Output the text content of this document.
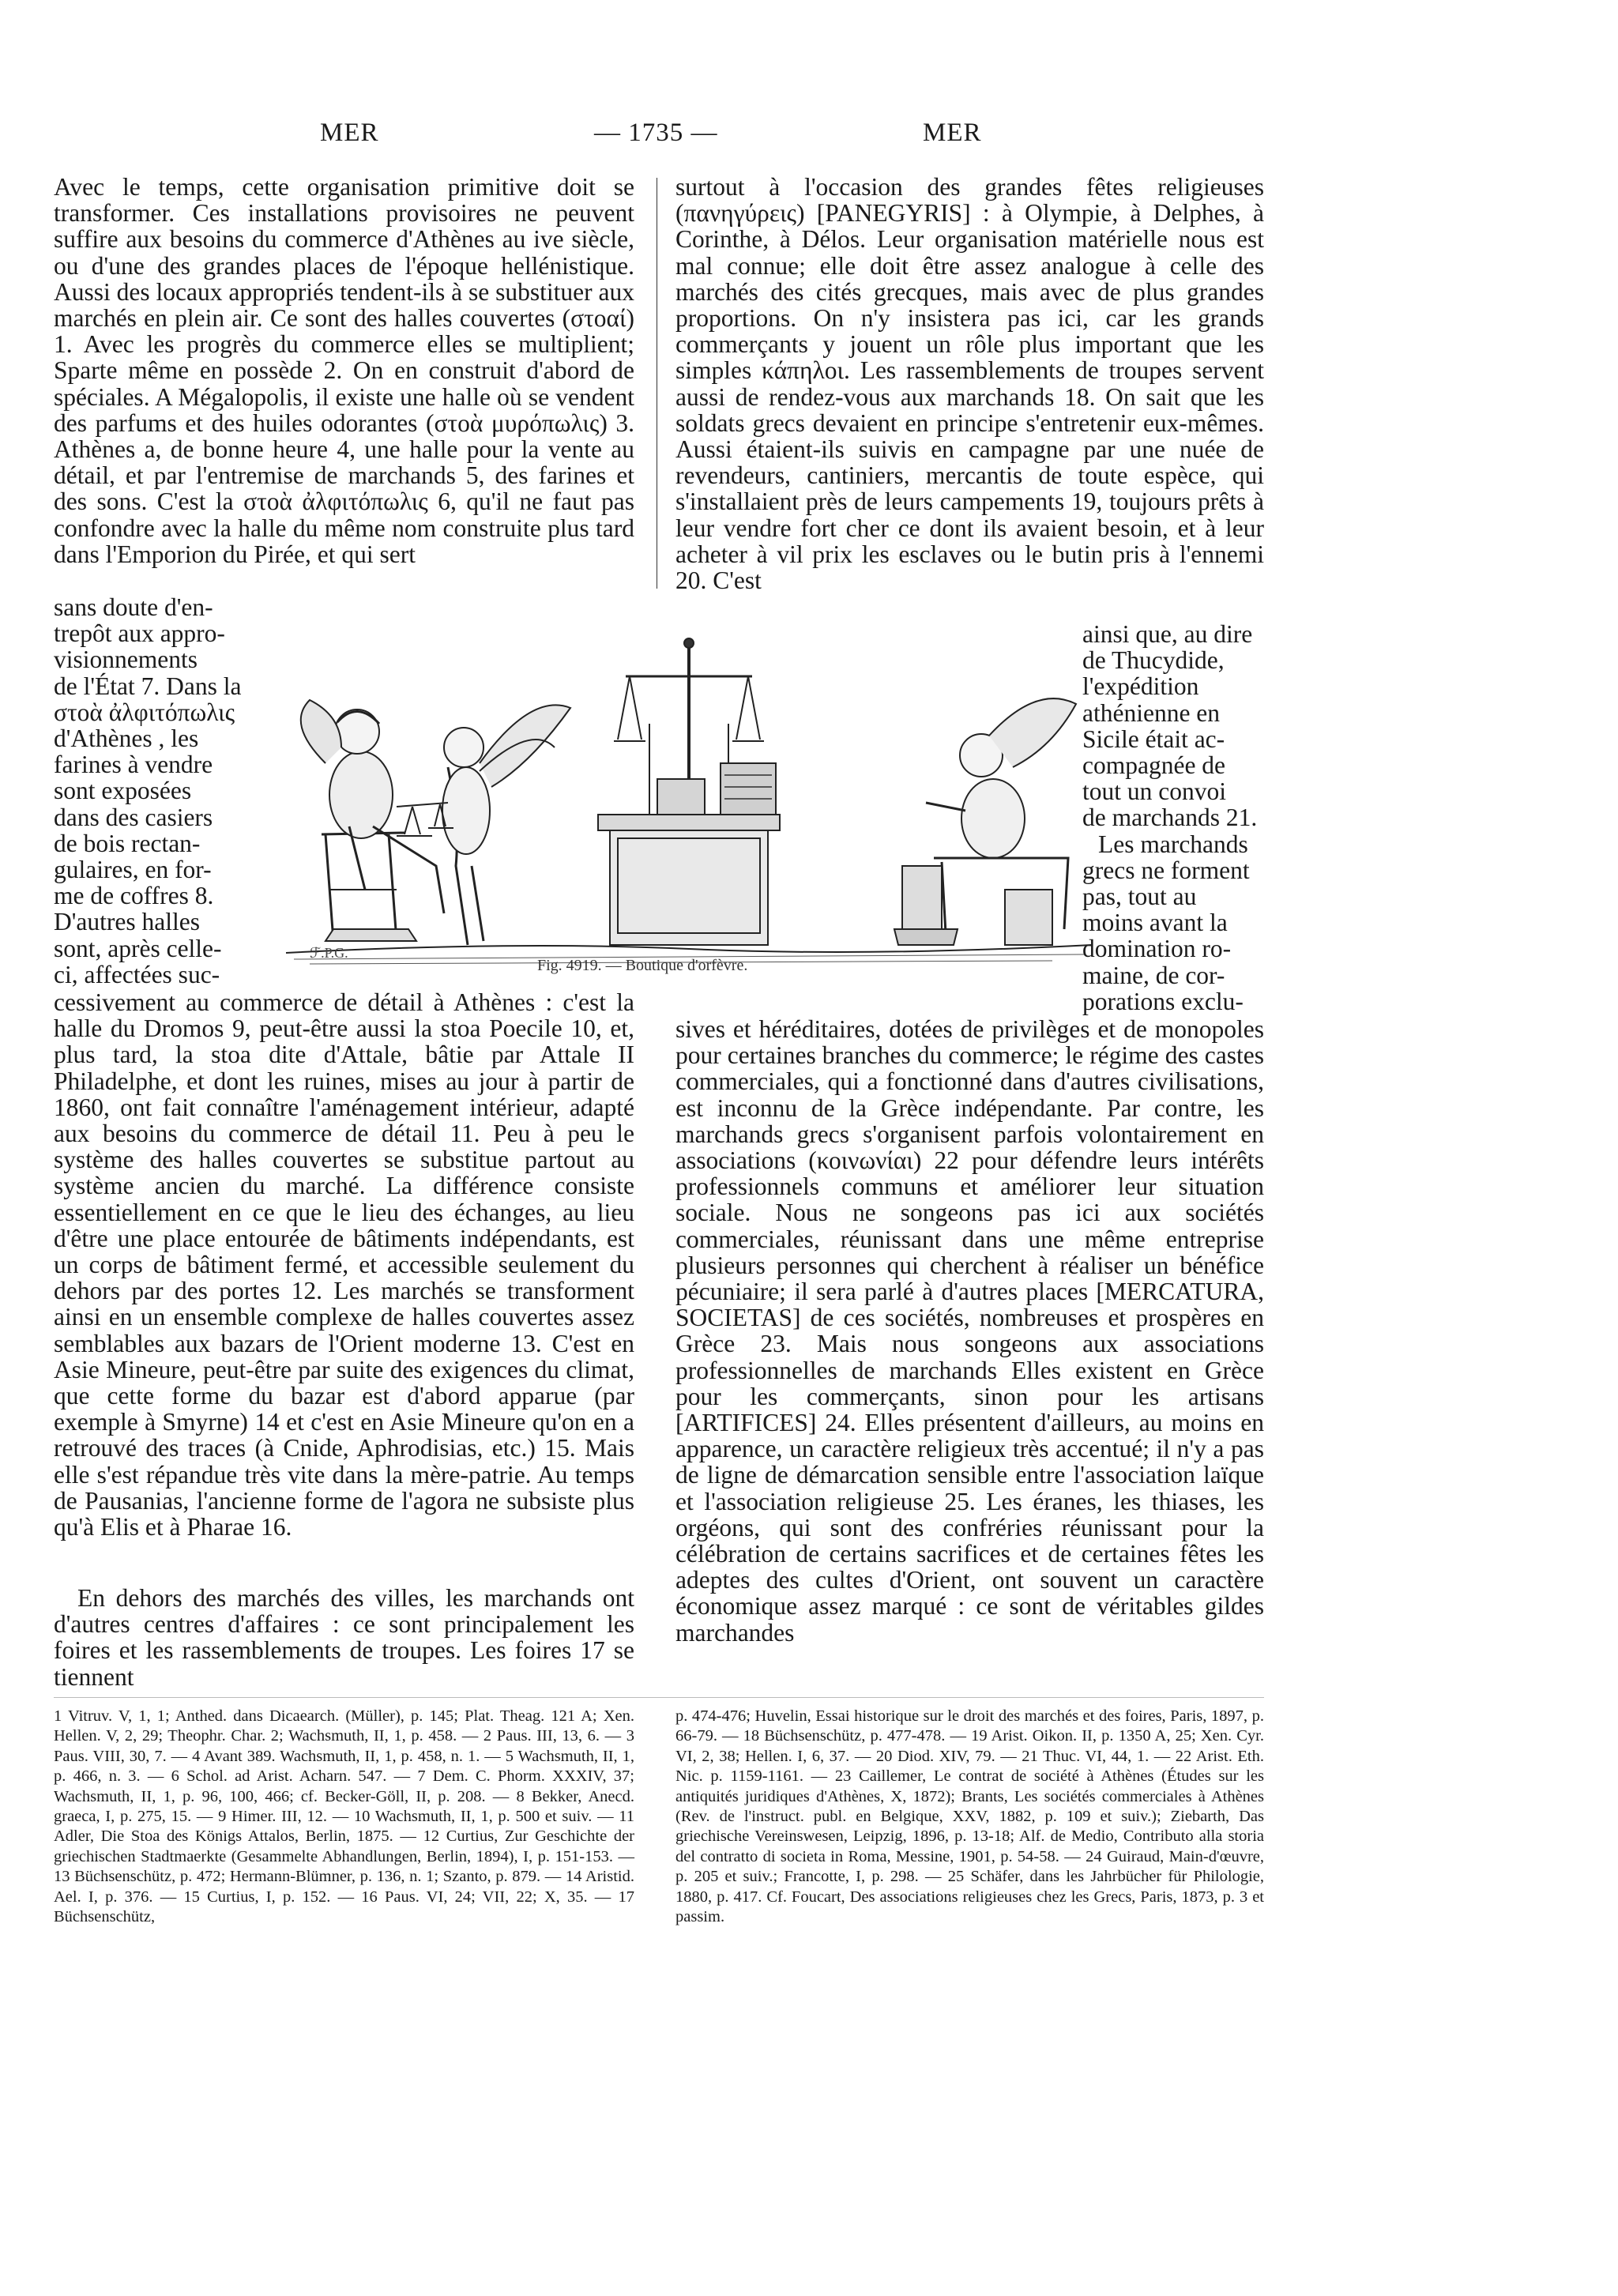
MER	— 1735 —	MER

Avec le temps, cette organisation primitive doit se transformer. Ces installations provisoires ne peuvent suffire aux besoins du commerce d'Athènes au ive siècle, ou d'une des grandes places de l'époque hellénistique. Aussi des locaux appropriés tendent-ils à se substituer aux marchés en plein air. Ce sont des halles couvertes (στοαί) 1. Avec les progrès du commerce elles se multiplient; Sparte même en possède 2. On en construit d'abord de spéciales. A Mégalopolis, il existe une halle où se vendent des parfums et des huiles odorantes (στοὰ μυρόπωλις) 3. Athènes a, de bonne heure 4, une halle pour la vente au détail, et par l'entremise de marchands 5, des farines et des sons. C'est la στοὰ ἀλφιτόπωλις 6, qu'il ne faut pas confondre avec la halle du même nom construite plus tard dans l'Emporion du Pirée, et qui sert

sans doute d'en-
trepôt aux appro-
visionnements
de l'État 7. Dans la
στοὰ ἀλφιτόπωλις
d'Athènes , les
farines à vendre
sont exposées
dans des casiers
de bois rectan-
gulaires, en for-
me de coffres 8.
D'autres halles
sont, après celle-
ci, affectées suc-

cessivement au commerce de détail à Athènes : c'est la halle du Dromos 9, peut-être aussi la stoa Poecile 10, et, plus tard, la stoa dite d'Attale, bâtie par Attale II Philadelphe, et dont les ruines, mises au jour à partir de 1860, ont fait connaître l'aménagement intérieur, adapté aux besoins du commerce de détail 11. Peu à peu le système des halles couvertes se substitue partout au système ancien du marché. La différence consiste essentiellement en ce que le lieu des échanges, au lieu d'être une place entourée de bâtiments indépendants, est un corps de bâtiment fermé, et accessible seulement du dehors par des portes 12. Les marchés se transforment ainsi en un ensemble complexe de halles couvertes assez semblables aux bazars de l'Orient moderne 13. C'est en Asie Mineure, peut-être par suite des exigences du climat, que cette forme du bazar est d'abord apparue (par exemple à Smyrne) 14 et c'est en Asie Mineure qu'on en a retrouvé des traces (à Cnide, Aphrodisias, etc.) 15. Mais elle s'est répandue très vite dans la mère-patrie. Au temps de Pausanias, l'ancienne forme de l'agora ne subsiste plus qu'à Elis et à Pharae 16.

En dehors des marchés des villes, les marchands ont d'autres centres d'affaires : ce sont principalement les foires et les rassemblements de troupes. Les foires 17 se tiennent

surtout à l'occasion des grandes fêtes religieuses (πανηγύρεις) [PANEGYRIS] : à Olympie, à Delphes, à Corinthe, à Délos. Leur organisation matérielle nous est mal connue; elle doit être assez analogue à celle des marchés des cités grecques, mais avec de plus grandes proportions. On n'y insistera pas ici, car les grands commerçants y jouent un rôle plus important que les simples κάπηλοι. Les rassemblements de troupes servent aussi de rendez-vous aux marchands 18. On sait que les soldats grecs devaient en principe s'entretenir eux-mêmes. Aussi étaient-ils suivis en campagne par une nuée de revendeurs, cantiniers, mercantis de toute espèce, qui s'installaient près de leurs campements 19, toujours prêts à leur vendre fort cher ce dont ils avaient besoin, et à leur acheter à vil prix les esclaves ou le butin pris à l'ennemi 20. C'est

ainsi que, au dire
de Thucydide,
l'expédition
athénienne en
Sicile était ac-
compagnée de
tout un convoi
de marchands 21.
Les marchands
grecs ne forment
pas, tout au
moins avant la
domination ro-
maine, de cor-
porations exclu-

sives et héréditaires, dotées de privilèges et de monopoles pour certaines branches du commerce; le régime des castes commerciales, qui a fonctionné dans d'autres civilisations, est inconnu de la Grèce indépendante. Par contre, les marchands grecs s'organisent parfois volontairement en associations (κοινωνίαι) 22 pour défendre leurs intérêts professionnels communs et améliorer leur situation sociale. Nous ne songeons pas ici aux sociétés commerciales, réunissant dans une même entreprise plusieurs personnes qui cherchent à réaliser un bénéfice pécuniaire; il sera parlé à d'autres places [MERCATURA, SOCIETAS] de ces sociétés, nombreuses et prospères en Grèce 23. Mais nous songeons aux associations professionnelles de marchands Elles existent en Grèce pour les commerçants, sinon pour les artisans [ARTIFICES] 24. Elles présentent d'ailleurs, au moins en apparence, un caractère religieux très accentué; il n'y a pas de ligne de démarcation sensible entre l'association laïque et l'association religieuse 25. Les éranes, les thiases, les orgéons, qui sont des confréries réunissant pour la célébration de certains sacrifices et de certaines fêtes les adeptes des cultes d'Orient, ont souvent un caractère économique assez marqué : ce sont de véritables gildes marchandes

ℱ.P.G.
Fig. 4919. — Boutique d'orfèvre.

1 Vitruv. V, 1, 1; Anthed. dans Dicaearch. (Müller), p. 145; Plat. Theag. 121 A; Xen. Hellen. V, 2, 29; Theophr. Char. 2; Wachsmuth, II, 1, p. 458. — 2 Paus. III, 13, 6. — 3 Paus. VIII, 30, 7. — 4 Avant 389. Wachsmuth, II, 1, p. 458, n. 1. — 5 Wachsmuth, II, 1, p. 466, n. 3. — 6 Schol. ad Arist. Acharn. 547. — 7 Dem. C. Phorm. XXXIV, 37; Wachsmuth, II, 1, p. 96, 100, 466; cf. Becker-Göll, II, p. 208. — 8 Bekker, Anecd. graeca, I, p. 275, 15. — 9 Himer. III, 12. — 10 Wachsmuth, II, 1, p. 500 et suiv. — 11 Adler, Die Stoa des Königs Attalos, Berlin, 1875. — 12 Curtius, Zur Geschichte der griechischen Stadtmaerkte (Gesammelte Abhandlungen, Berlin, 1894), I, p. 151-153. — 13 Büchsenschütz, p. 472; Hermann-Blümner, p. 136, n. 1; Szanto, p. 879. — 14 Aristid. Ael. I, p. 376. — 15 Curtius, I, p. 152. — 16 Paus. VI, 24; VII, 22; X, 35. — 17 Büchsenschütz,

p. 474-476; Huvelin, Essai historique sur le droit des marchés et des foires, Paris, 1897, p. 66-79. — 18 Büchsenschütz, p. 477-478. — 19 Arist. Oikon. II, p. 1350 A, 25; Xen. Cyr. VI, 2, 38; Hellen. I, 6, 37. — 20 Diod. XIV, 79. — 21 Thuc. VI, 44, 1. — 22 Arist. Eth. Nic. p. 1159-1161. — 23 Caillemer, Le contrat de société à Athènes (Études sur les antiquités juridiques d'Athènes, X, 1872); Brants, Les sociétés commerciales à Athènes (Rev. de l'instruct. publ. en Belgique, XXV, 1882, p. 109 et suiv.); Ziebarth, Das griechische Vereinswesen, Leipzig, 1896, p. 13-18; Alf. de Medio, Contributo alla storia del contratto di societa in Roma, Messine, 1901, p. 54-58. — 24 Guiraud, Main-d'œuvre, p. 205 et suiv.; Francotte, I, p. 298. — 25 Schäfer, dans les Jahrbücher für Philologie, 1880, p. 417. Cf. Foucart, Des associations religieuses chez les Grecs, Paris, 1873, p. 3 et passim.
